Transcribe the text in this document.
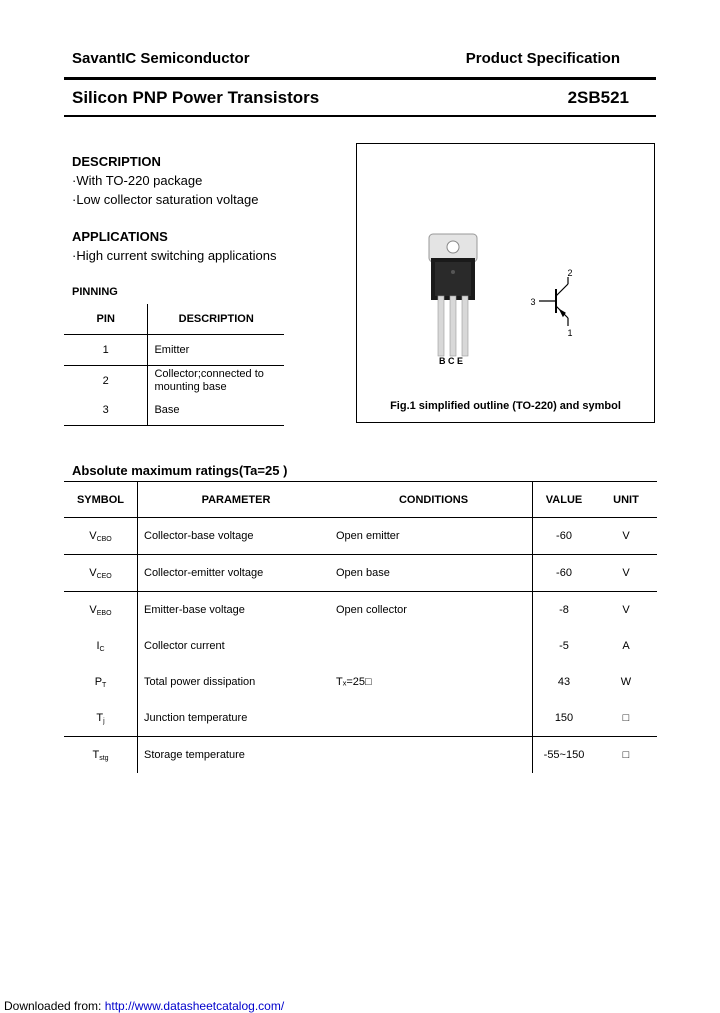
SavantIC Semiconductor	Product Specification
Silicon PNP Power Transistors	2SB521
DESCRIPTION
·With TO-220 package
·Low collector saturation voltage
APPLICATIONS
·High current switching applications
PINNING
PIN	DESCRIPTION
1	Emitter
2	Collector;connected to mounting base
3	Base
B C E
3
2
1
Fig.1 simplified outline (TO-220) and symbol
Absolute maximum ratings(Ta=25 )
SYMBOL	PARAMETER	CONDITIONS	VALUE	UNIT
$V_{CBO}$	Collector-base voltage	Open emitter	-60	V
$V_{CEO}$	Collector-emitter voltage	Open base	-60	V
$V_{EBO}$	Emitter-base voltage	Open collector	-8	V
$I_C$	Collector current		-5	A
$P_T$	Total power dissipation	Tₓ=25□	43	W
$T_j$	Junction temperature		150	□
$T_{stg}$	Storage temperature		-55~150	□
Downloaded from: http://www.datasheetcatalog.com/
